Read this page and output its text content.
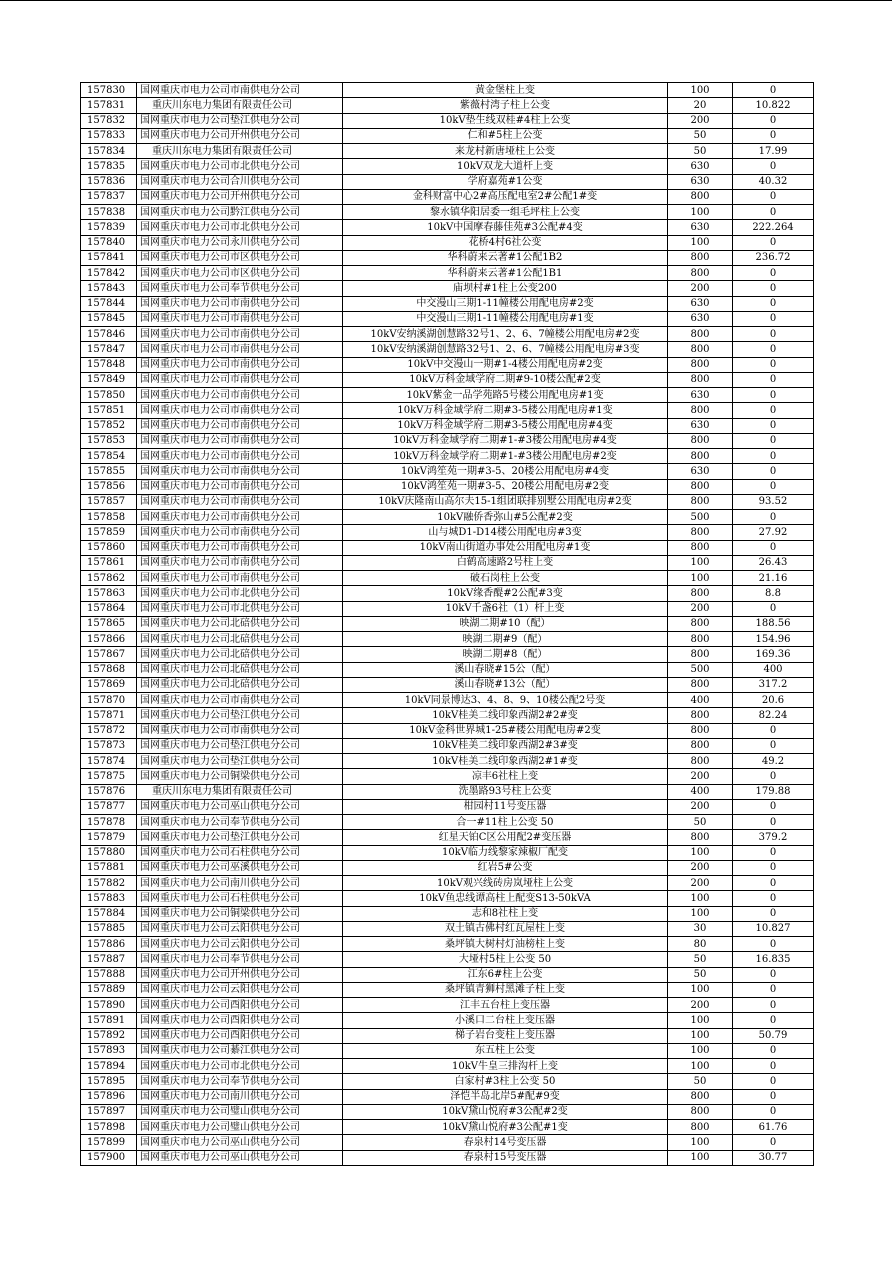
157830	国网重庆市电力公司市南供电分公司	黄金堡柱上变	100	0
157831	重庆川东电力集团有限责任公司	紫薇村湾子柱上公变	20	10.822
157832	国网重庆市电力公司垫江供电分公司	10kV垫生线双桂#4柱上公变	200	0
157833	国网重庆市电力公司开州供电分公司	仁和#5柱上公变	50	0
157834	重庆川东电力集团有限责任公司	来龙村新唐垭柱上公变	50	17.99
157835	国网重庆市电力公司市北供电分公司	10kV双龙大道杆上变	630	0
157836	国网重庆市电力公司合川供电分公司	学府嘉苑#1公变	630	40.32
157837	国网重庆市电力公司开州供电分公司	金科财富中心2#高压配电室2#公配1#变	800	0
157838	国网重庆市电力公司黔江供电分公司	黎水镇华阳居委一组毛坪柱上公变	100	0
157839	国网重庆市电力公司市北供电分公司	10kV中国摩春藤佳苑#3公配#4变	630	222.264
157840	国网重庆市电力公司永川供电分公司	花桥4村6社公变	100	0
157841	国网重庆市电力公司市区供电分公司	华科蔚来云著#1公配1B2	800	236.72
157842	国网重庆市电力公司市区供电分公司	华科蔚来云著#1公配1B1	800	0
157843	国网重庆市电力公司奉节供电分公司	庙坝村#1柱上公变200	200	0
157844	国网重庆市电力公司市南供电分公司	中交漫山三期1-11幢楼公用配电房#2变	630	0
157845	国网重庆市电力公司市南供电分公司	中交漫山三期1-11幢楼公用配电房#1变	630	0
157846	国网重庆市电力公司市南供电分公司	10kV安纳溪湖创慧路32号1、2、6、7幢楼公用配电房#2变	800	0
157847	国网重庆市电力公司市南供电分公司	10kV安纳溪湖创慧路32号1、2、6、7幢楼公用配电房#3变	800	0
157848	国网重庆市电力公司市南供电分公司	10kV中交漫山一期#1-4楼公用配电房#2变	800	0
157849	国网重庆市电力公司市南供电分公司	10kV万科金域学府二期#9-10楼公配#2变	800	0
157850	国网重庆市电力公司市南供电分公司	10kV紫金一品学苑路5号楼公用配电房#1变	630	0
157851	国网重庆市电力公司市南供电分公司	10kV万科金域学府二期#3-5楼公用配电房#1变	800	0
157852	国网重庆市电力公司市南供电分公司	10kV万科金域学府二期#3-5楼公用配电房#4变	630	0
157853	国网重庆市电力公司市南供电分公司	10kV万科金域学府二期#1-#3楼公用配电房#4变	800	0
157854	国网重庆市电力公司市南供电分公司	10kV万科金域学府二期#1-#3楼公用配电房#2变	800	0
157855	国网重庆市电力公司市南供电分公司	10kV鸿笙苑一期#3-5、20楼公用配电房#4变	630	0
157856	国网重庆市电力公司市南供电分公司	10kV鸿笙苑一期#3-5、20楼公用配电房#2变	800	0
157857	国网重庆市电力公司市南供电分公司	10kV庆隆南山高尔夫15-1组团联排别墅公用配电房#2变	800	93.52
157858	国网重庆市电力公司市南供电分公司	10kV融侨香弥山#5公配#2变	500	0
157859	国网重庆市电力公司市南供电分公司	山与城D1-D14楼公用配电房#3变	800	27.92
157860	国网重庆市电力公司市南供电分公司	10kV南山街道办事处公用配电房#1变	800	0
157861	国网重庆市电力公司市南供电分公司	白鹤高速路2号柱上变	100	26.43
157862	国网重庆市电力公司市南供电分公司	破石岗柱上公变	100	21.16
157863	国网重庆市电力公司市北供电分公司	10kV缘香醍#2公配#3变	800	8.8
157864	国网重庆市电力公司市北供电分公司	10kV千盏6社（1）杆上变	200	0
157865	国网重庆市电力公司北碚供电分公司	映湖二期#10（配）	800	188.56
157866	国网重庆市电力公司北碚供电分公司	映湖二期#9（配）	800	154.96
157867	国网重庆市电力公司北碚供电分公司	映湖二期#8（配）	800	169.36
157868	国网重庆市电力公司北碚供电分公司	溪山春晓#15公（配）	500	400
157869	国网重庆市电力公司北碚供电分公司	溪山春晓#13公（配）	800	317.2
157870	国网重庆市电力公司市南供电分公司	10kV同景博达3、4、8、9、10楼公配2号变	400	20.6
157871	国网重庆市电力公司垫江供电分公司	10kV桂美二线印象西湖2#2#变	800	82.24
157872	国网重庆市电力公司市南供电分公司	10kV金科世界城1-25#楼公用配电房#2变	800	0
157873	国网重庆市电力公司垫江供电分公司	10kV桂美二线印象西湖2#3#变	800	0
157874	国网重庆市电力公司垫江供电分公司	10kV桂美二线印象西湖2#1#变	800	49.2
157875	国网重庆市电力公司铜梁供电分公司	凉丰6社柱上变	200	0
157876	重庆川东电力集团有限责任公司	洗墨路93号柱上公变	400	179.88
157877	国网重庆市电力公司巫山供电分公司	柑园村11号变压器	200	0
157878	国网重庆市电力公司奉节供电分公司	合一#11柱上公变 50	50	0
157879	国网重庆市电力公司垫江供电分公司	红星天铂C区公用配2#变压器	800	379.2
157880	国网重庆市电力公司石柱供电分公司	10kV临力线黎家辣椒厂配变	100	0
157881	国网重庆市电力公司巫溪供电分公司	红岩5#公变	200	0
157882	国网重庆市电力公司南川供电分公司	10kV观兴线砖房岚垭柱上公变	200	0
157883	国网重庆市电力公司石柱供电分公司	10kV鱼忠线谭高柱上配变S13-50kVA	100	0
157884	国网重庆市电力公司铜梁供电分公司	志和8社柱上变	100	0
157885	国网重庆市电力公司云阳供电分公司	双土镇古佛村红瓦屋柱上变	30	10.827
157886	国网重庆市电力公司云阳供电分公司	桑坪镇大树村灯油榜柱上变	80	0
157887	国网重庆市电力公司奉节供电分公司	大垭村5柱上公变 50	50	16.835
157888	国网重庆市电力公司开州供电分公司	江东6#柱上公变	50	0
157889	国网重庆市电力公司云阳供电分公司	桑坪镇青狮村黑滩子柱上变	100	0
157890	国网重庆市电力公司酉阳供电分公司	江丰五台柱上变压器	200	0
157891	国网重庆市电力公司酉阳供电分公司	小溪口二台柱上变压器	100	0
157892	国网重庆市电力公司酉阳供电分公司	梯子岩台变柱上变压器	100	50.79
157893	国网重庆市电力公司綦江供电分公司	东五柱上公变	100	0
157894	国网重庆市电力公司市北供电分公司	10kV牛皇三排沟杆上变	100	0
157895	国网重庆市电力公司奉节供电分公司	白家村#3柱上公变 50	50	0
157896	国网重庆市电力公司南川供电分公司	泽恺半岛北岸5#配#9变	800	0
157897	国网重庆市电力公司璧山供电分公司	10kV黛山悦府#3公配#2变	800	0
157898	国网重庆市电力公司璧山供电分公司	10kV黛山悦府#3公配#1变	800	61.76
157899	国网重庆市电力公司巫山供电分公司	春泉村14号变压器	100	0
157900	国网重庆市电力公司巫山供电分公司	春泉村15号变压器	100	30.77
